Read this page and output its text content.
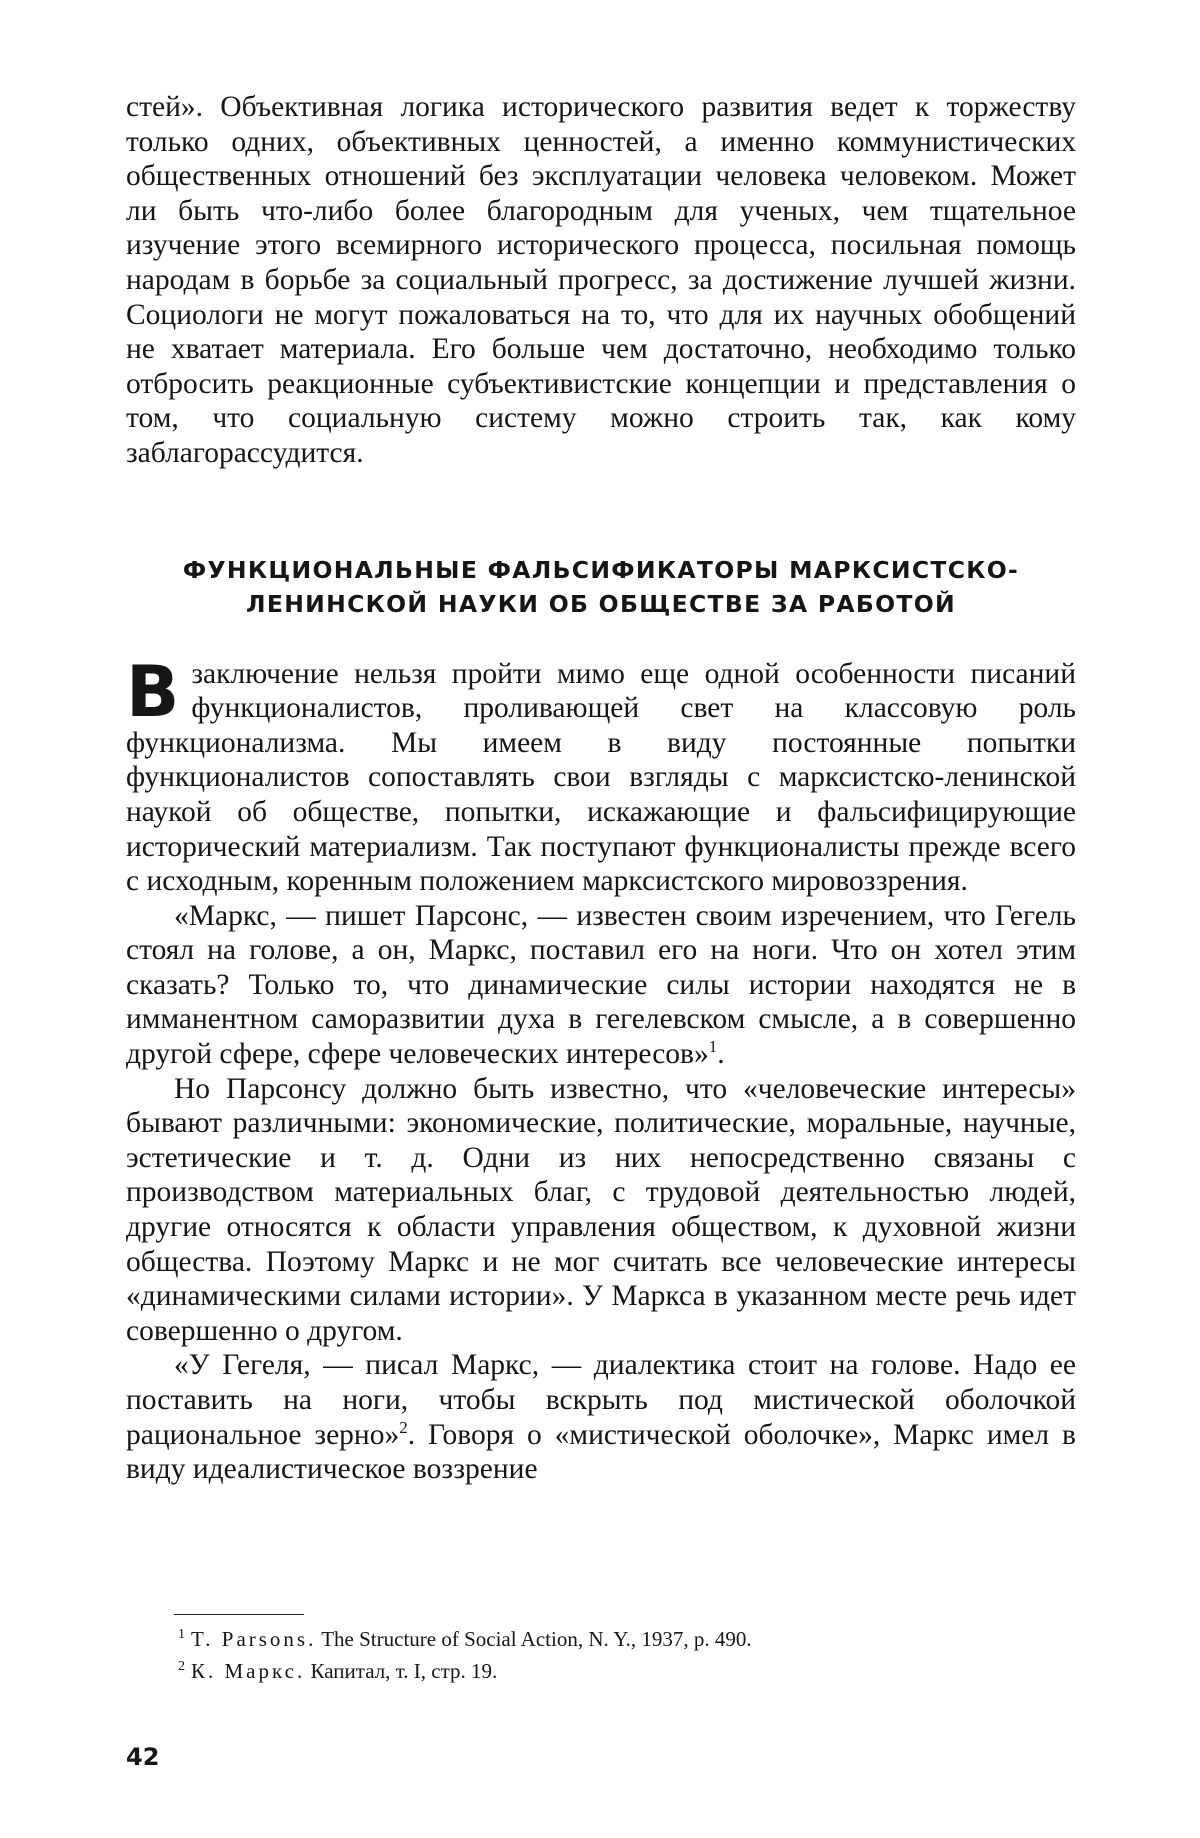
стей». Объективная логика исторического развития ведет к торжеству только одних, объективных ценностей, а именно коммунистических общественных отношений без эксплуатации человека человеком. Может ли быть что-либо более благородным для ученых, чем тщательное изучение этого всемирного исторического процесса, посильная помощь народам в борьбе за социальный прогресс, за достижение лучшей жизни. Социологи не могут пожаловаться на то, что для их научных обобщений не хватает материала. Его больше чем достаточно, необходимо только отбросить реакционные субъективистские концепции и представления о том, что социальную систему можно строить так, как кому заблагорассудится.

ФУНКЦИОНАЛЬНЫЕ ФАЛЬСИФИКАТОРЫ МАРКСИСТСКО-
ЛЕНИНСКОЙ НАУКИ ОБ ОБЩЕСТВЕ ЗА РАБОТОЙ

Взаключение нельзя пройти мимо еще одной особенности писаний функционалистов, проливающей свет на классовую роль функционализма. Мы имеем в виду постоянные попытки функционалистов сопоставлять свои взгляды с марксистско-ленинской наукой об обществе, попытки, искажающие и фальсифицирующие исторический материализм. Так поступают функционалисты прежде всего с исходным, коренным положением марксистского мировоззрения.

«Маркс, — пишет Парсонс, — известен своим изречением, что Гегель стоял на голове, а он, Маркс, поставил его на ноги. Что он хотел этим сказать? Только то, что динамические силы истории находятся не в имманентном саморазвитии духа в гегелевском смысле, а в совершенно другой сфере, сфере человеческих интересов»$^1$.

Но Парсонсу должно быть известно, что «человеческие интересы» бывают различными: экономические, политические, моральные, научные, эстетические и т. д. Одни из них непосредственно связаны с производством материальных благ, с трудовой деятельностью людей, другие относятся к области управления обществом, к духовной жизни общества. Поэтому Маркс и не мог считать все человеческие интересы «динамическими силами истории». У Маркса в указанном месте речь идет совершенно о другом.

«У Гегеля, — писал Маркс, — диалектика стоит на голове. Надо ее поставить на ноги, чтобы вскрыть под мистической оболочкой рациональное зерно»$^2$. Говоря о «мистической оболочке», Маркс имел в виду идеалистическое воззрение

$^1$ T. Parsons. The Structure of Social Action, N. Y., 1937, p. 490.

$^2$ К. Маркс. Капитал, т. I, стр. 19.

42
